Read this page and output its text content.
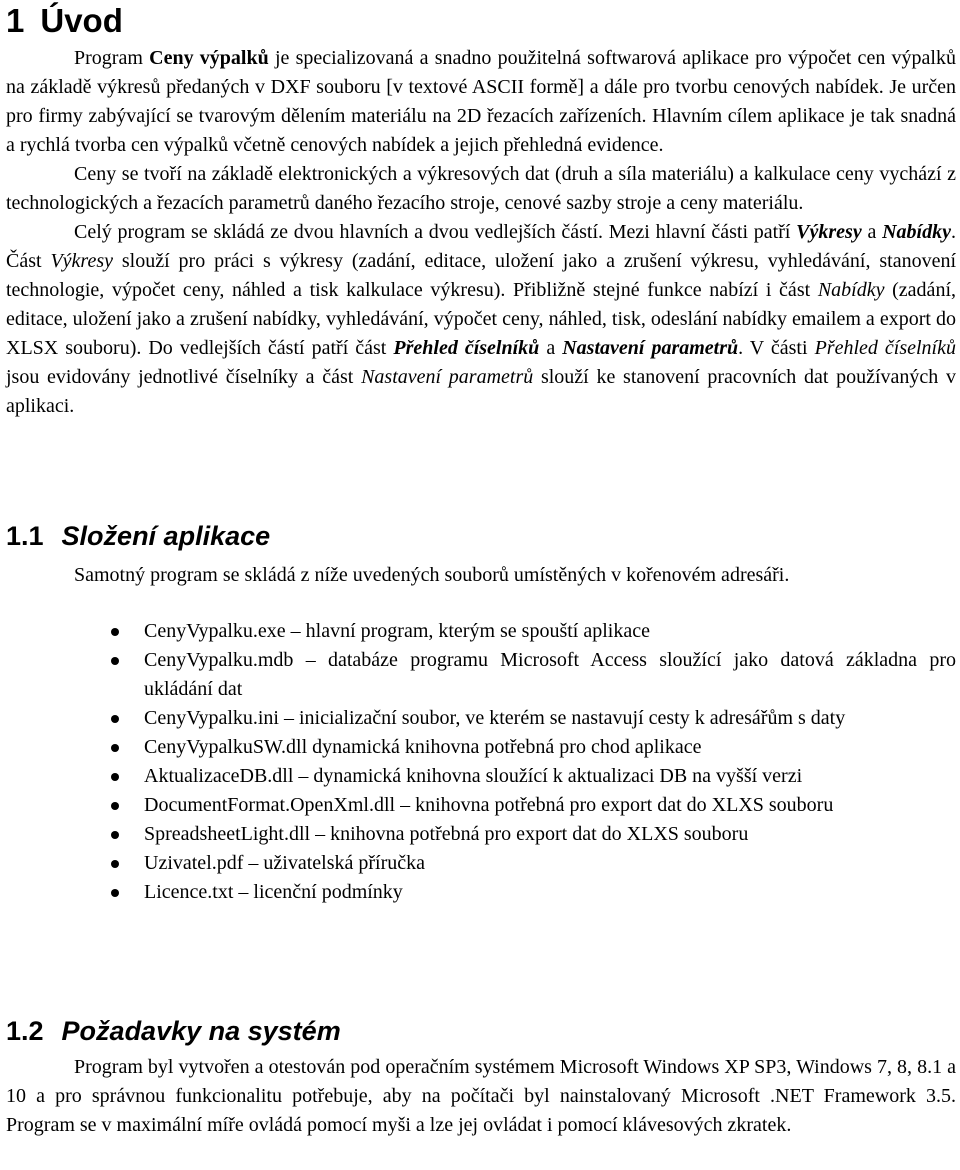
1 Úvod

Program Ceny výpalků je specializovaná a snadno použitelná softwarová aplikace pro výpočet cen výpalků na základě výkresů předaných v DXF souboru [v textové ASCII formě] a dále pro tvorbu cenových nabídek. Je určen pro firmy zabývající se tvarovým dělením materiálu na 2D řezacích zařízeních. Hlavním cílem aplikace je tak snadná a rychlá tvorba cen výpalků včetně cenových nabídek a jejich přehledná evidence.

Ceny se tvoří na základě elektronických a výkresových dat (druh a síla materiálu) a kalkulace ceny vychází z technologických a řezacích parametrů daného řezacího stroje, cenové sazby stroje a ceny materiálu.

Celý program se skládá ze dvou hlavních a dvou vedlejších částí. Mezi hlavní části patří Výkresy a Nabídky. Část Výkresy slouží pro práci s výkresy (zadání, editace, uložení jako a zrušení výkresu, vyhledávání, stanovení technologie, výpočet ceny, náhled a tisk kalkulace výkresu). Přibližně stejné funkce nabízí i část Nabídky (zadání, editace, uložení jako a zrušení nabídky, vyhledávání, výpočet ceny, náhled, tisk, odeslání nabídky emailem a export do XLSX souboru). Do vedlejších částí patří část Přehled číselníků a Nastavení parametrů. V části Přehled číselníků jsou evidovány jednotlivé číselníky a část Nastavení parametrů slouží ke stanovení pracovních dat používaných v aplikaci.

1.1 Složení aplikace

Samotný program se skládá z níže uvedených souborů umístěných v kořenovém adresáři.

CenyVypalku.exe – hlavní program, kterým se spouští aplikace
CenyVypalku.mdb – databáze programu Microsoft Access sloužící jako datová základna pro ukládání dat
CenyVypalku.ini – inicializační soubor, ve kterém se nastavují cesty k adresářům s daty
CenyVypalkuSW.dll dynamická knihovna potřebná pro chod aplikace
AktualizaceDB.dll – dynamická knihovna sloužící k aktualizaci DB na vyšší verzi
DocumentFormat.OpenXml.dll – knihovna potřebná pro export dat do XLXS souboru
SpreadsheetLight.dll – knihovna potřebná pro export dat do XLXS souboru
Uzivatel.pdf – uživatelská příručka
Licence.txt – licenční podmínky
1.2 Požadavky na systém

Program byl vytvořen a otestován pod operačním systémem Microsoft Windows XP SP3, Windows 7, 8, 8.1 a 10 a pro správnou funkcionalitu potřebuje, aby na počítači byl nainstalovaný Microsoft .NET Framework 3.5. Program se v maximální míře ovládá pomocí myši a lze jej ovládat i pomocí klávesových zkratek.
